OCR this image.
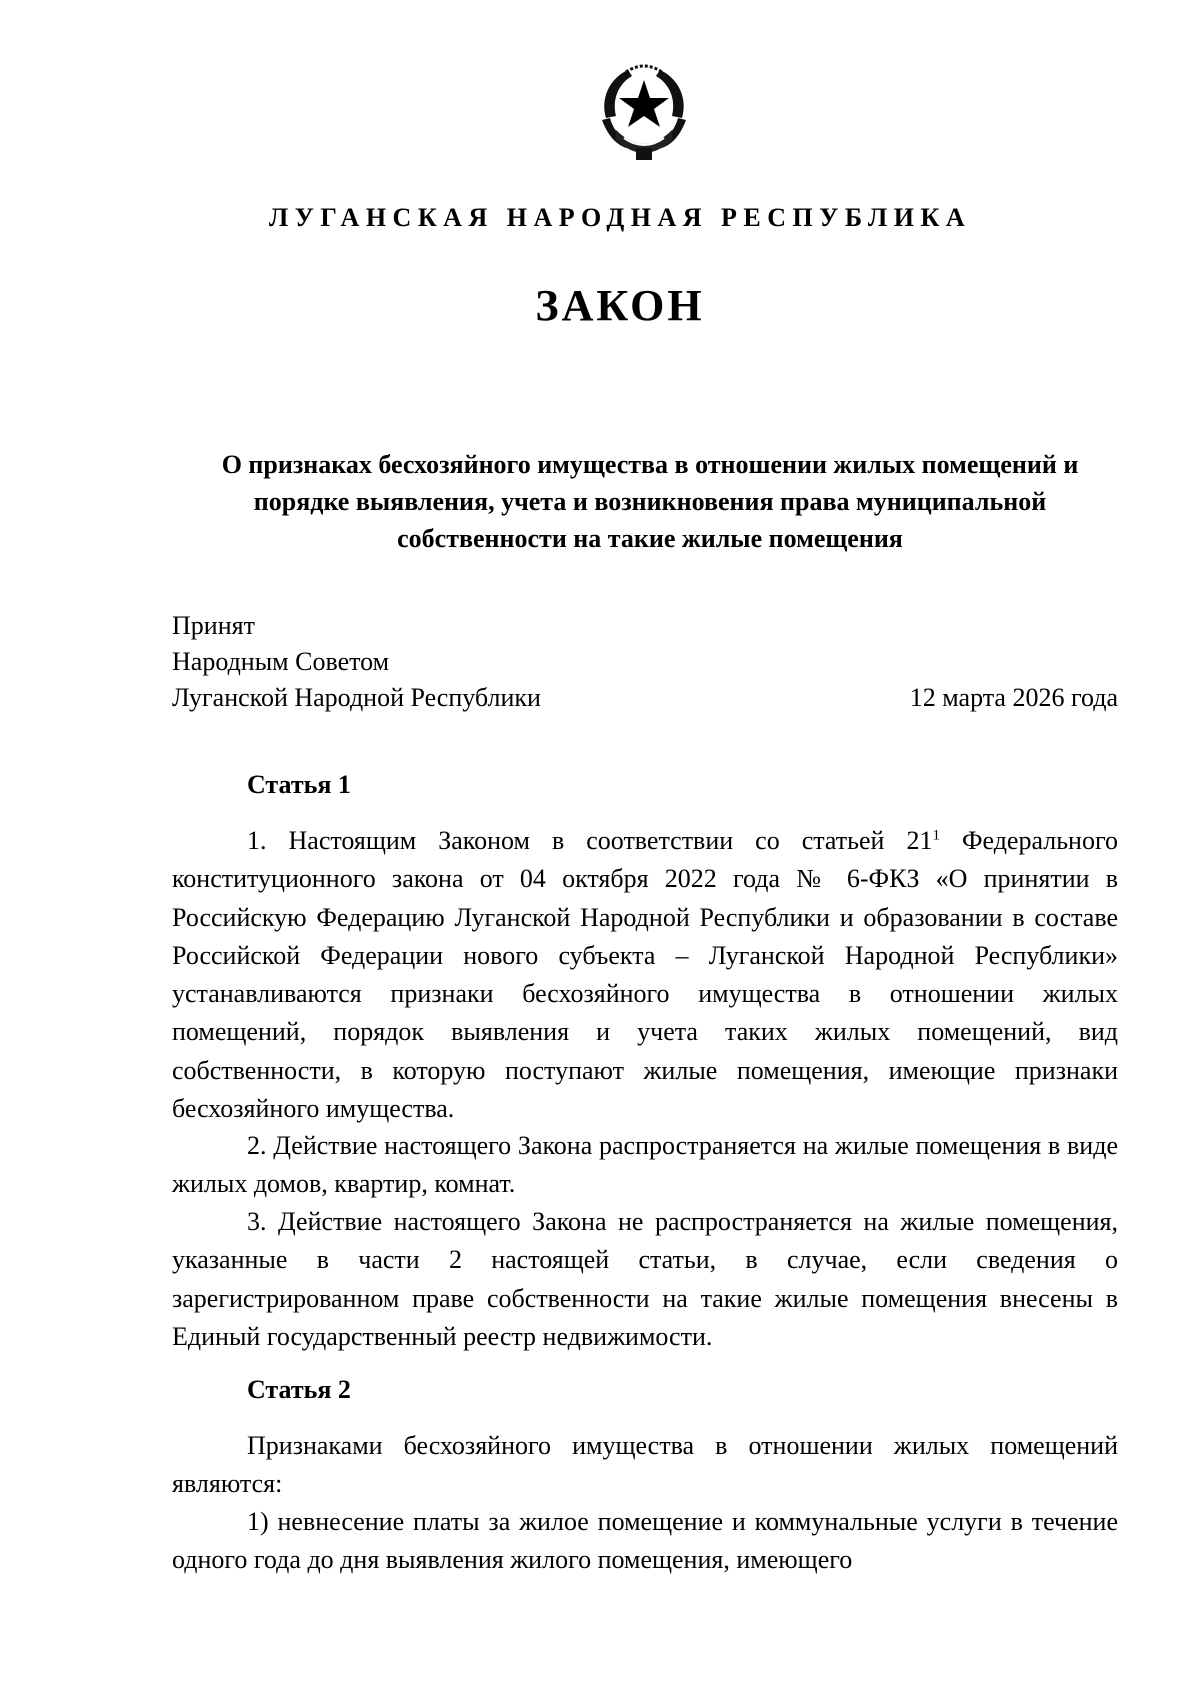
ЛУГАНСКАЯ НАРОДНАЯ РЕСПУБЛИКА
ЗАКОН
О признаках бесхозяйного имущества в отношении жилых помещений и порядке выявления, учета и возникновения права муниципальной собственности на такие жилые помещения
Принят
Народным Советом
Луганской Народной Республики	12 марта 2026 года
Статья 1
1. Настоящим Законом в соответствии со статьей $21^1$ Федерального конституционного закона от 04 октября 2022 года № 6-ФКЗ «О принятии в Российскую Федерацию Луганской Народной Республики и образовании в составе Российской Федерации нового субъекта – Луганской Народной Республики» устанавливаются признаки бесхозяйного имущества в отношении жилых помещений, порядок выявления и учета таких жилых помещений, вид собственности, в которую поступают жилые помещения, имеющие признаки бесхозяйного имущества.
2. Действие настоящего Закона распространяется на жилые помещения в виде жилых домов, квартир, комнат.
3. Действие настоящего Закона не распространяется на жилые помещения, указанные в части 2 настоящей статьи, в случае, если сведения о зарегистрированном праве собственности на такие жилые помещения внесены в Единый государственный реестр недвижимости.
Статья 2
Признаками бесхозяйного имущества в отношении жилых помещений являются:
1) невнесение платы за жилое помещение и коммунальные услуги в течение одного года до дня выявления жилого помещения, имеющего
